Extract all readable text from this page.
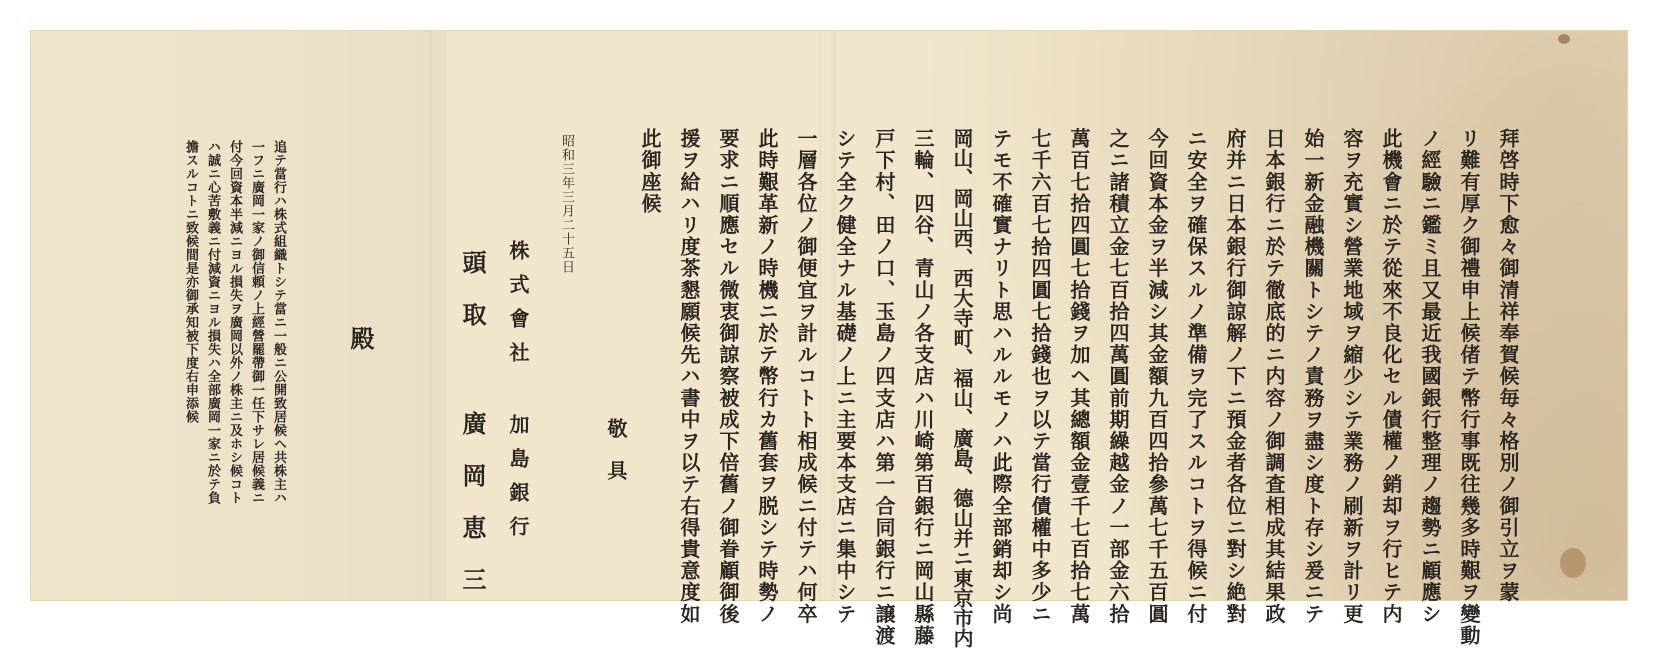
拜啓時下愈々御清祥奉賀候毎々格別ノ御引立ヲ蒙
リ難有厚ク御禮申上候偖テ幣行事既往幾多時艱ヲ變動
ノ經驗ニ鑑ミ且又最近我國銀行整理ノ趨勢ニ顧應シ
此機會ニ於テ從來不良化セル債權ノ銷却ヲ行ヒテ内
容ヲ充實シ營業地域ヲ縮少シテ業務ノ刷新ヲ計リ更
始一新金融機關トシテノ責務ヲ盡シ度ト存シ爰ニテ
日本銀行ニ於テ徹底的ニ内容ノ御調査相成其結果政
府并ニ日本銀行御諒解ノ下ニ預金者各位ニ對シ絶對
ニ安全ヲ確保スルノ準備ヲ完了スルコトヲ得候ニ付
今回資本金ヲ半減シ其金額九百四拾參萬七千五百圓
之ニ諸積立金七百拾四萬圓前期繰越金ノ一部金六拾
萬百七拾四圓七拾錢ヲ加ヘ其總額金壹千七百拾七萬
七千六百七拾四圓七拾錢也ヲ以テ當行債權中多少ニ
テモ不確實ナリト思ハルルモノハ此際全部銷却シ尚
岡山、岡山西、西大寺町、福山、廣島、德山并ニ東京市内
三輪、四谷、青山ノ各支店ハ川崎第百銀行ニ岡山縣藤
戸下村、田ノ口、玉島ノ四支店ハ第一合同銀行ニ譲渡
シテ全ク健全ナル基礎ノ上ニ主要本支店ニ集中シテ
一層各位ノ御便宜ヲ計ルコトト相成候ニ付テハ何卒
此時艱革新ノ時機ニ於テ幣行カ舊套ヲ脱シテ時勢ノ
要求ニ順應セル微衷御諒察被成下倍舊ノ御眷顧御後
援ヲ給ハリ度茶懇願候先ハ書中ヲ以テ右得貴意度如
此御座候
敬具
昭和三年三月二十五日
株式會社 加島銀行
頭取 廣岡恵三
殿
追テ當行ハ株式組織トシテ當ニ一般ニ公開致居候ヘ共株主ハ
一フニ廣岡一家ノ御信頼ノ上經營罷帶御一任下サレ居候義ニ
付今回資本半減ニヨル損失ヲ廣岡以外ノ株主ニ及ホシ候コト
ハ誠ニ心苦敷義ニ付減資ニヨル損失ハ全部廣岡一家ニ於テ負
擔スルコトニ致候間是亦御承知被下度右申添候
